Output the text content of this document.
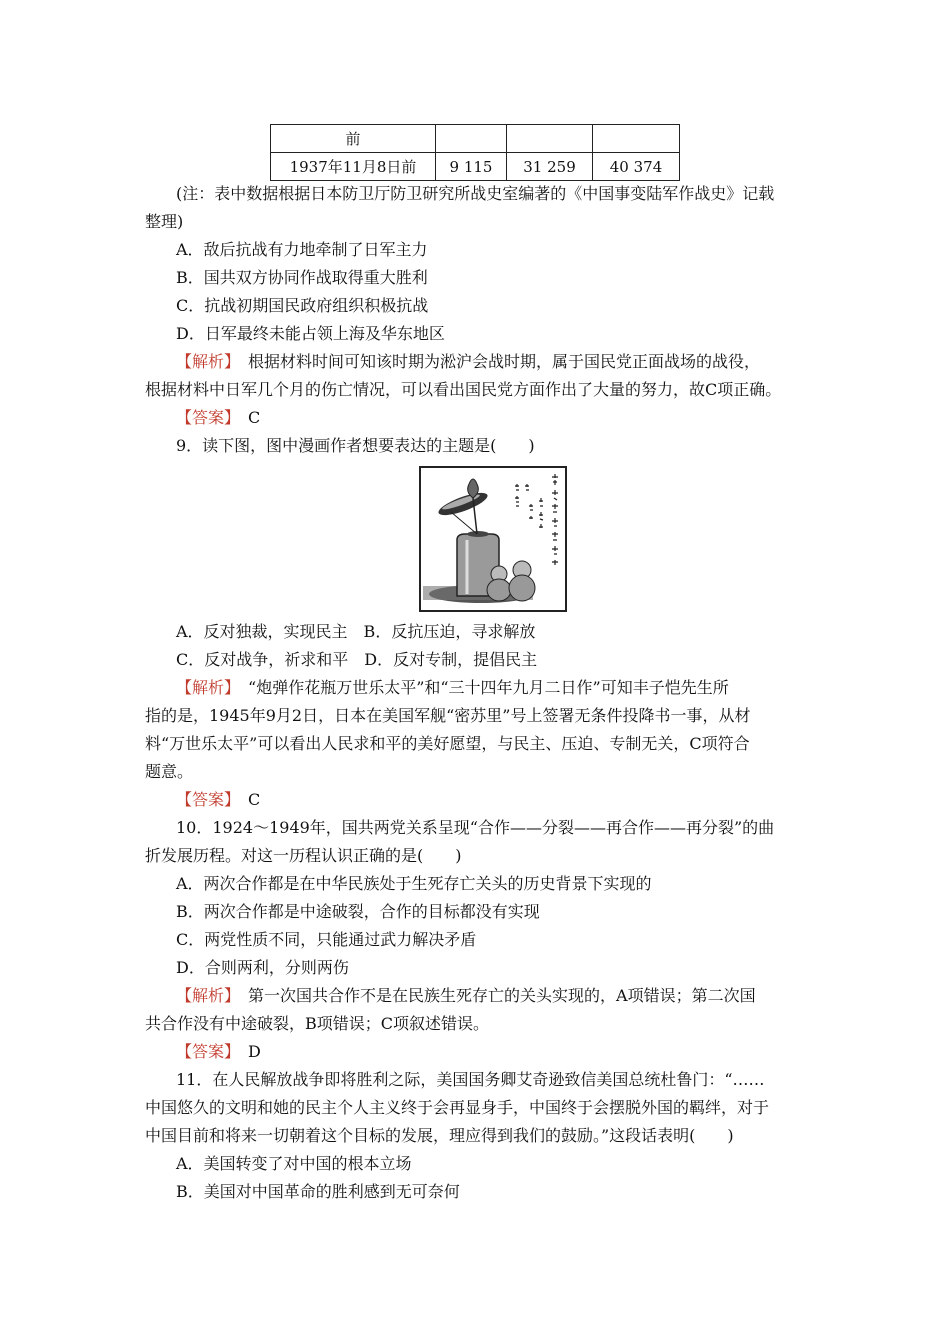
前			
1937年11月8日前	9 115	31 259	40 374
(注：表中数据根据日本防卫厅防卫研究所战史室编著的《中国事变陆军作战史》记载
整理)
A．敌后抗战有力地牵制了日军主力
B．国共双方协同作战取得重大胜利
C．抗战初期国民政府组织积极抗战
D．日军最终未能占领上海及华东地区
【解析】　根据材料时间可知该时期为淞沪会战时期，属于国民党正面战场的战役，
根据材料中日军几个月的伤亡情况，可以看出国民党方面作出了大量的努力，故C项正确。
【答案】　C
9．读下图，图中漫画作者想要表达的主题是(　　)
A．反对独裁，实现民主　B．反抗压迫，寻求解放
C．反对战争，祈求和平　D．反对专制，提倡民主
【解析】　“炮弹作花瓶万世乐太平”和“三十四年九月二日作”可知丰子恺先生所
指的是，1945年9月2日，日本在美国军舰“密苏里”号上签署无条件投降书一事，从材
料“万世乐太平”可以看出人民求和平的美好愿望，与民主、压迫、专制无关，C项符合
题意。
【答案】　C
10．1924～1949年，国共两党关系呈现“合作——分裂——再合作——再分裂”的曲
折发展历程。对这一历程认识正确的是(　　)
A．两次合作都是在中华民族处于生死存亡关头的历史背景下实现的
B．两次合作都是中途破裂，合作的目标都没有实现
C．两党性质不同，只能通过武力解决矛盾
D．合则两利，分则两伤
【解析】　第一次国共合作不是在民族生死存亡的关头实现的，A项错误；第二次国
共合作没有中途破裂，B项错误；C项叙述错误。
【答案】　D
11．在人民解放战争即将胜利之际，美国国务卿艾奇逊致信美国总统杜鲁门：“……
中国悠久的文明和她的民主个人主义终于会再显身手，中国终于会摆脱外国的羁绊，对于
中国目前和将来一切朝着这个目标的发展，理应得到我们的鼓励。”这段话表明(　　)
A．美国转变了对中国的根本立场
B．美国对中国革命的胜利感到无可奈何
